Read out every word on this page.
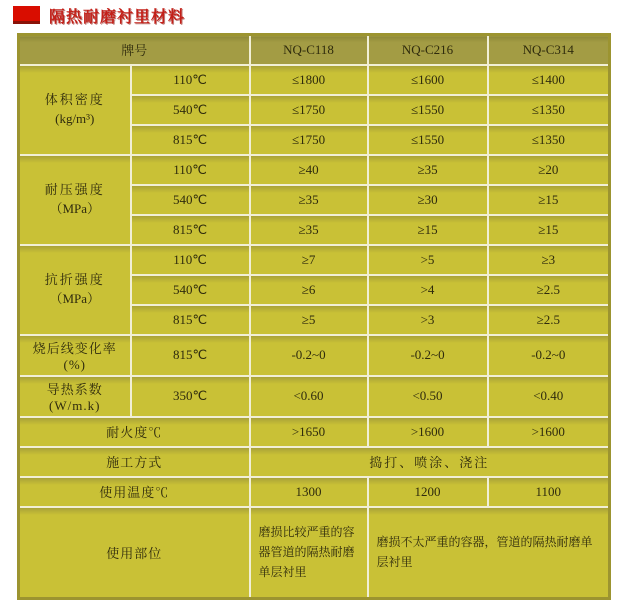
隔热耐磨衬里材料
牌号		NQ-C118	NQ-C216	NQ-C314
体积密度
(kg/m³)	110℃	≤1800	≤1600	≤1400
	540℃	≤1750	≤1550	≤1350
	815℃	≤1750	≤1550	≤1350
耐压强度
（MPa）	110℃	≥40	≥35	≥20
	540℃	≥35	≥30	≥15
	815℃	≥35	≥15	≥15
抗折强度
（MPa）	110℃	≥7	>5	≥3
	540℃	≥6	>4	≥2.5
	815℃	≥5	>3	≥2.5
烧后线变化率 (%)	815℃	-0.2~0	-0.2~0	-0.2~0
导热系数(W/m.k)	350℃	<0.60	<0.50	<0.40
耐火度℃		>1650	>1600	>1600
施工方式		捣打、喷涂、浇注		
使用温度℃		1300	1200	1100
使用部位		磨损比较严重的容器管道的隔热耐磨单层衬里	磨损不太严重的容器，管道的隔热耐磨单层衬里	
